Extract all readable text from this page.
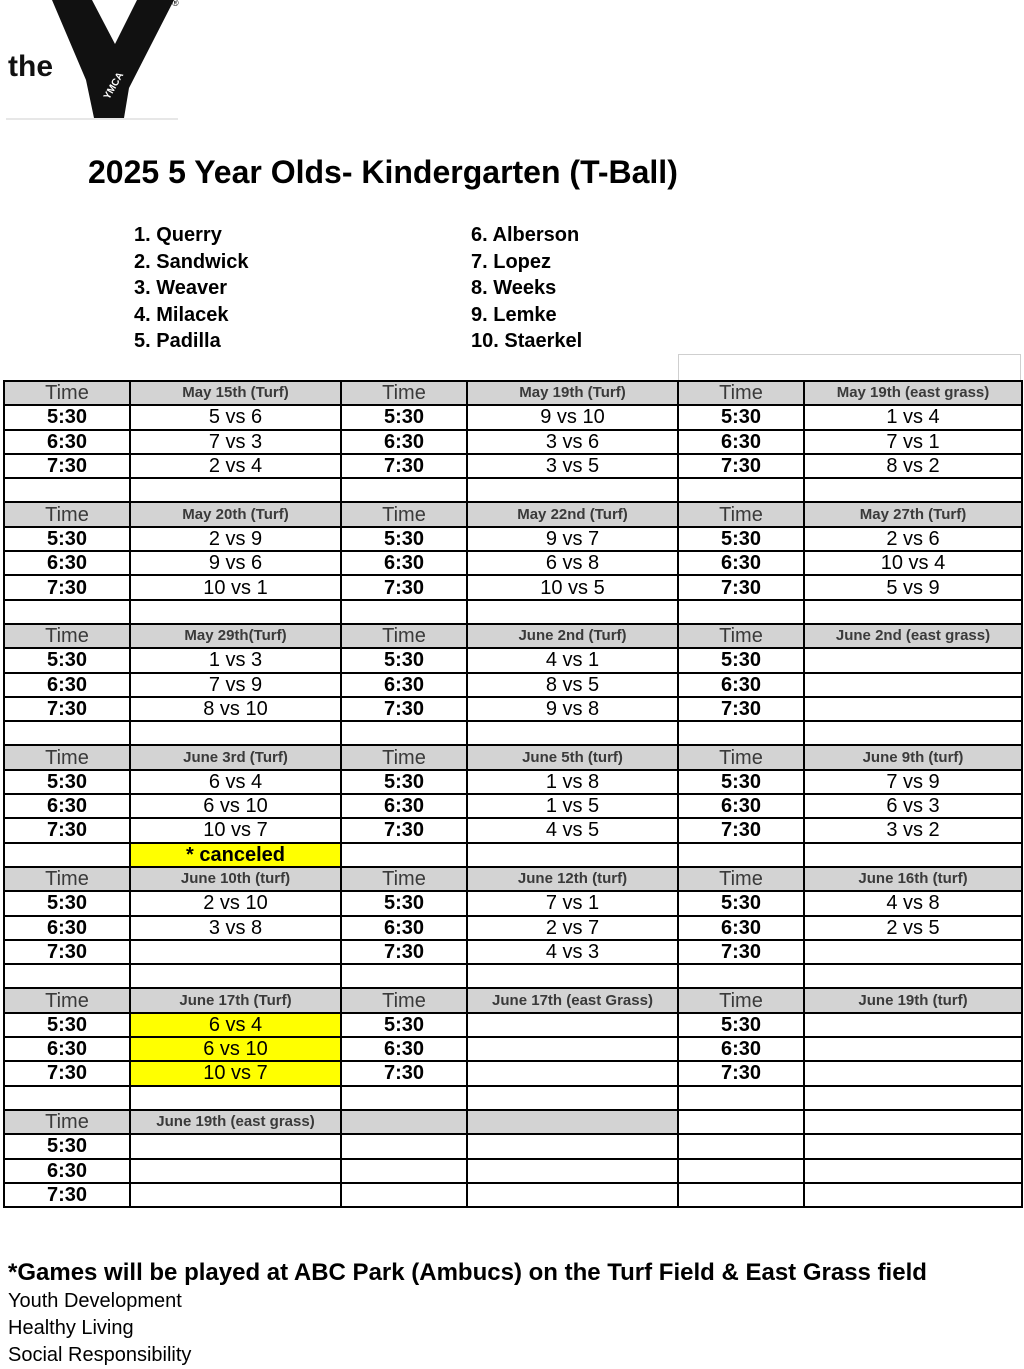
the
YMCA
®
2025 5 Year Olds- Kindergarten (T-Ball)
1. Querry
2. Sandwick
3. Weaver
4. Milacek
5. Padilla
6. Alberson
7. Lopez
8. Weeks
9. Lemke
10. Staerkel
Time	May 15th (Turf)	Time	May 19th (Turf)	Time	May 19th (east grass)
5:30	5 vs 6	5:30	9 vs 10	5:30	1 vs 4
6:30	7 vs 3	6:30	3 vs 6	6:30	7 vs 1
7:30	2 vs 4	7:30	3 vs 5	7:30	8 vs 2

Time	May 20th (Turf)	Time	May 22nd (Turf)	Time	May 27th (Turf)
5:30	2 vs 9	5:30	9 vs 7	5:30	2 vs 6
6:30	9 vs 6	6:30	6 vs 8	6:30	10 vs 4
7:30	10 vs 1	7:30	10 vs 5	7:30	5 vs 9

Time	May 29th(Turf)	Time	June 2nd (Turf)	Time	June 2nd (east grass)
5:30	1 vs 3	5:30	4 vs 1	5:30	
6:30	7 vs 9	6:30	8 vs 5	6:30	
7:30	8 vs 10	7:30	9 vs 8	7:30	

Time	June 3rd (Turf)	Time	June 5th (turf)	Time	June 9th (turf)
5:30	6 vs 4	5:30	1 vs 8	5:30	7 vs 9
6:30	6 vs 10	6:30	1 vs 5	6:30	6 vs 3
7:30	10 vs 7	7:30	4 vs 5	7:30	3 vs 2
	* canceled				
Time	June 10th (turf)	Time	June 12th (turf)	Time	June 16th (turf)
5:30	2 vs 10	5:30	7 vs 1	5:30	4 vs 8
6:30	3 vs 8	6:30	2 vs 7	6:30	2 vs 5
7:30		7:30	4 vs 3	7:30	

Time	June 17th (Turf)	Time	June 17th (east Grass)	Time	June 19th (turf)
5:30	6 vs 4	5:30		5:30	
6:30	6 vs 10	6:30		6:30	
7:30	10 vs 7	7:30		7:30	

Time	June 19th (east grass)				
5:30					
6:30					
7:30					
*Games will be played at ABC Park (Ambucs) on the Turf Field & East Grass field
Youth Development
Healthy Living
Social Responsibility
